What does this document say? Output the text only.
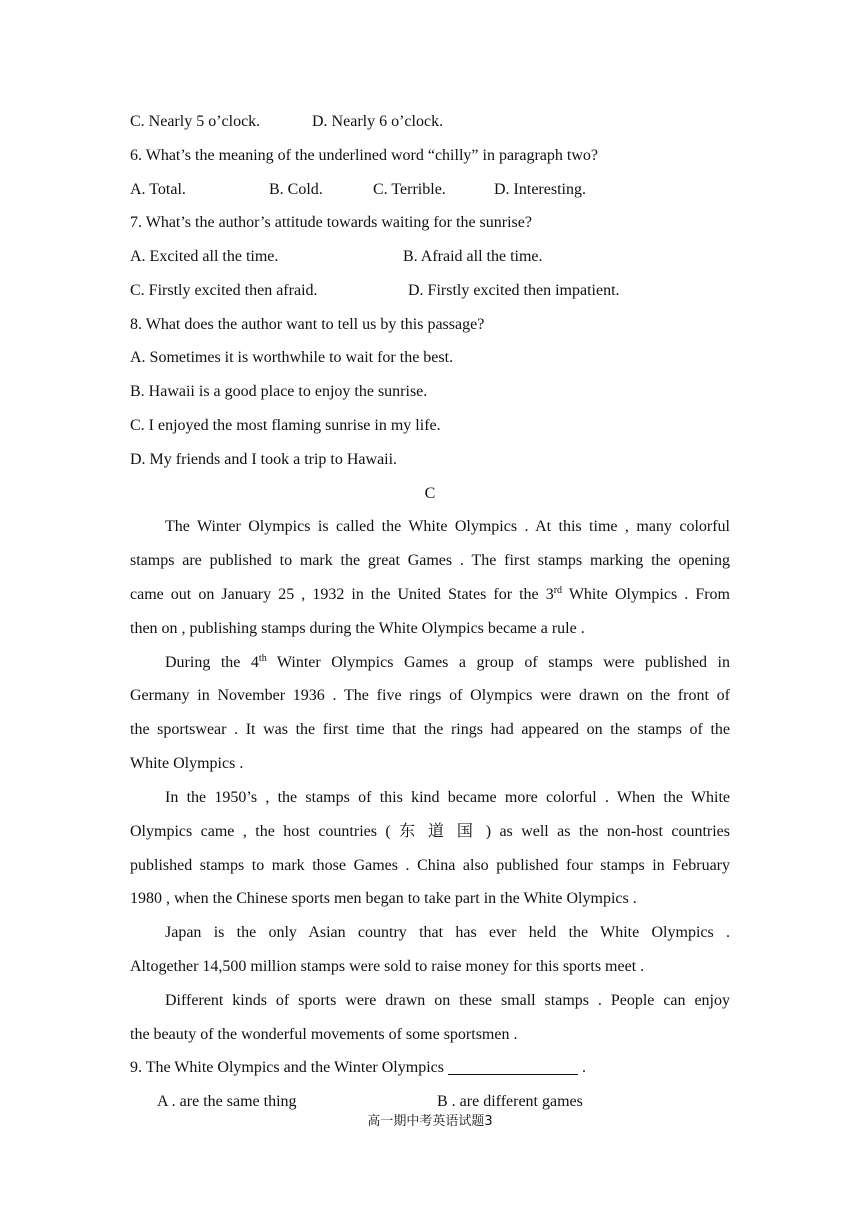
C. Nearly 5 o’clock.	D. Nearly 6 o’clock.
6. What’s the meaning of the underlined word “chilly” in paragraph two?
A. Total.	B. Cold.	C. Terrible.	D. Interesting.
7. What’s the author’s attitude towards waiting for the sunrise?
A. Excited all the time.	B. Afraid all the time.
C. Firstly excited then afraid.	D. Firstly excited then impatient.
8. What does the author want to tell us by this passage?
A. Sometimes it is worthwhile to wait for the best.
B. Hawaii is a good place to enjoy the sunrise.
C. I enjoyed the most flaming sunrise in my life.
D. My friends and I took a trip to Hawaii.
C
The Winter Olympics is called the White Olympics . At this time , many colorful
stamps are published to mark the great Games . The first stamps marking the opening
came out on January 25 , 1932 in the United States for the 3rd White Olympics . From
then on , publishing stamps during the White Olympics became a rule .
During the 4th Winter Olympics Games a group of stamps were published in
Germany in November 1936 . The five rings of Olympics were drawn on the front of
the sportswear . It was the first time that the rings had appeared on the stamps of the
White Olympics .
In the 1950’s , the stamps of this kind became more colorful . When the White
Olympics came , the host countries ( 东 道 国 ) as well as the non-host countries
published stamps to mark those Games . China also published four stamps in February
1980 , when the Chinese sports men began to take part in the White Olympics .
Japan is the only Asian country that has ever held the White Olympics .
Altogether 14,500 million stamps were sold to raise money for this sports meet .
Different kinds of sports were drawn on these small stamps . People can enjoy
the beauty of the wonderful movements of some sportsmen .
9. The White Olympics and the Winter Olympics	.
A . are the same thing	B . are different games
高一期中考英语试题3
